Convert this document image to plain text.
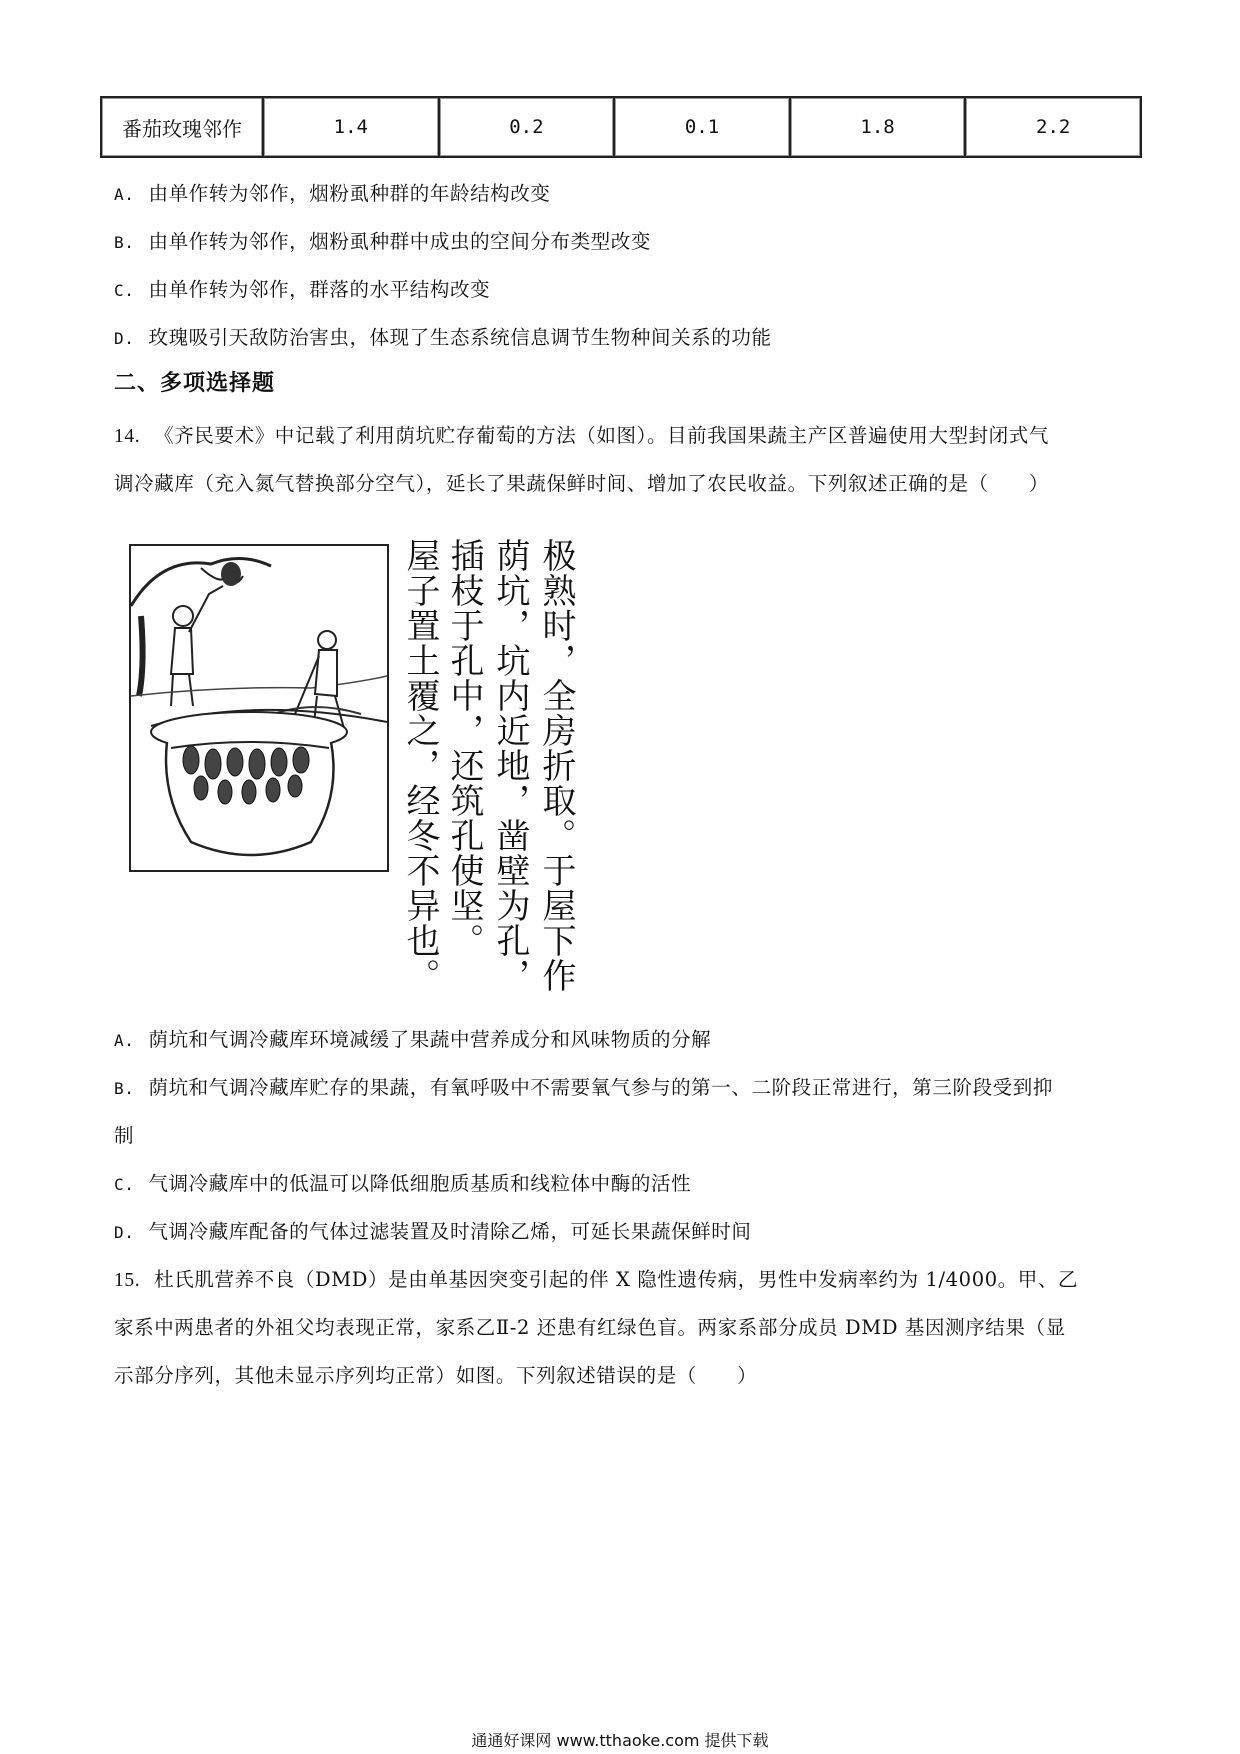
番茄玫瑰邻作	1.4	0.2	0.1	1.8	2.2
A. 由单作转为邻作，烟粉虱种群的年龄结构改变
B. 由单作转为邻作，烟粉虱种群中成虫的空间分布类型改变
C. 由单作转为邻作，群落的水平结构改变
D. 玫瑰吸引天敌防治害虫，体现了生态系统信息调节生物种间关系的功能
二、多项选择题
14. 《齐民要术》中记载了利用荫坑贮存葡萄的方法（如图）。目前我国果蔬主产区普遍使用大型封闭式气
调冷藏库（充入氮气替换部分空气），延长了果蔬保鲜时间、增加了农民收益。下列叙述正确的是（　　）
极熟时，全房折取。于屋下作
荫坑，坑内近地，凿壁为孔，
插枝于孔中，还筑孔使坚。
屋子置土覆之，经冬不异也。
A. 荫坑和气调冷藏库环境减缓了果蔬中营养成分和风味物质的分解
B. 荫坑和气调冷藏库贮存的果蔬，有氧呼吸中不需要氧气参与的第一、二阶段正常进行，第三阶段受到抑
制
C. 气调冷藏库中的低温可以降低细胞质基质和线粒体中酶的活性
D. 气调冷藏库配备的气体过滤装置及时清除乙烯，可延长果蔬保鲜时间
15. 杜氏肌营养不良（DMD）是由单基因突变引起的伴 X 隐性遗传病，男性中发病率约为 1/4000。甲、乙
家系中两患者的外祖父均表现正常，家系乙Ⅱ-2 还患有红绿色盲。两家系部分成员 DMD 基因测序结果（显
示部分序列，其他未显示序列均正常）如图。下列叙述错误的是（　　）
通通好课网 www.tthaoke.com 提供下载
